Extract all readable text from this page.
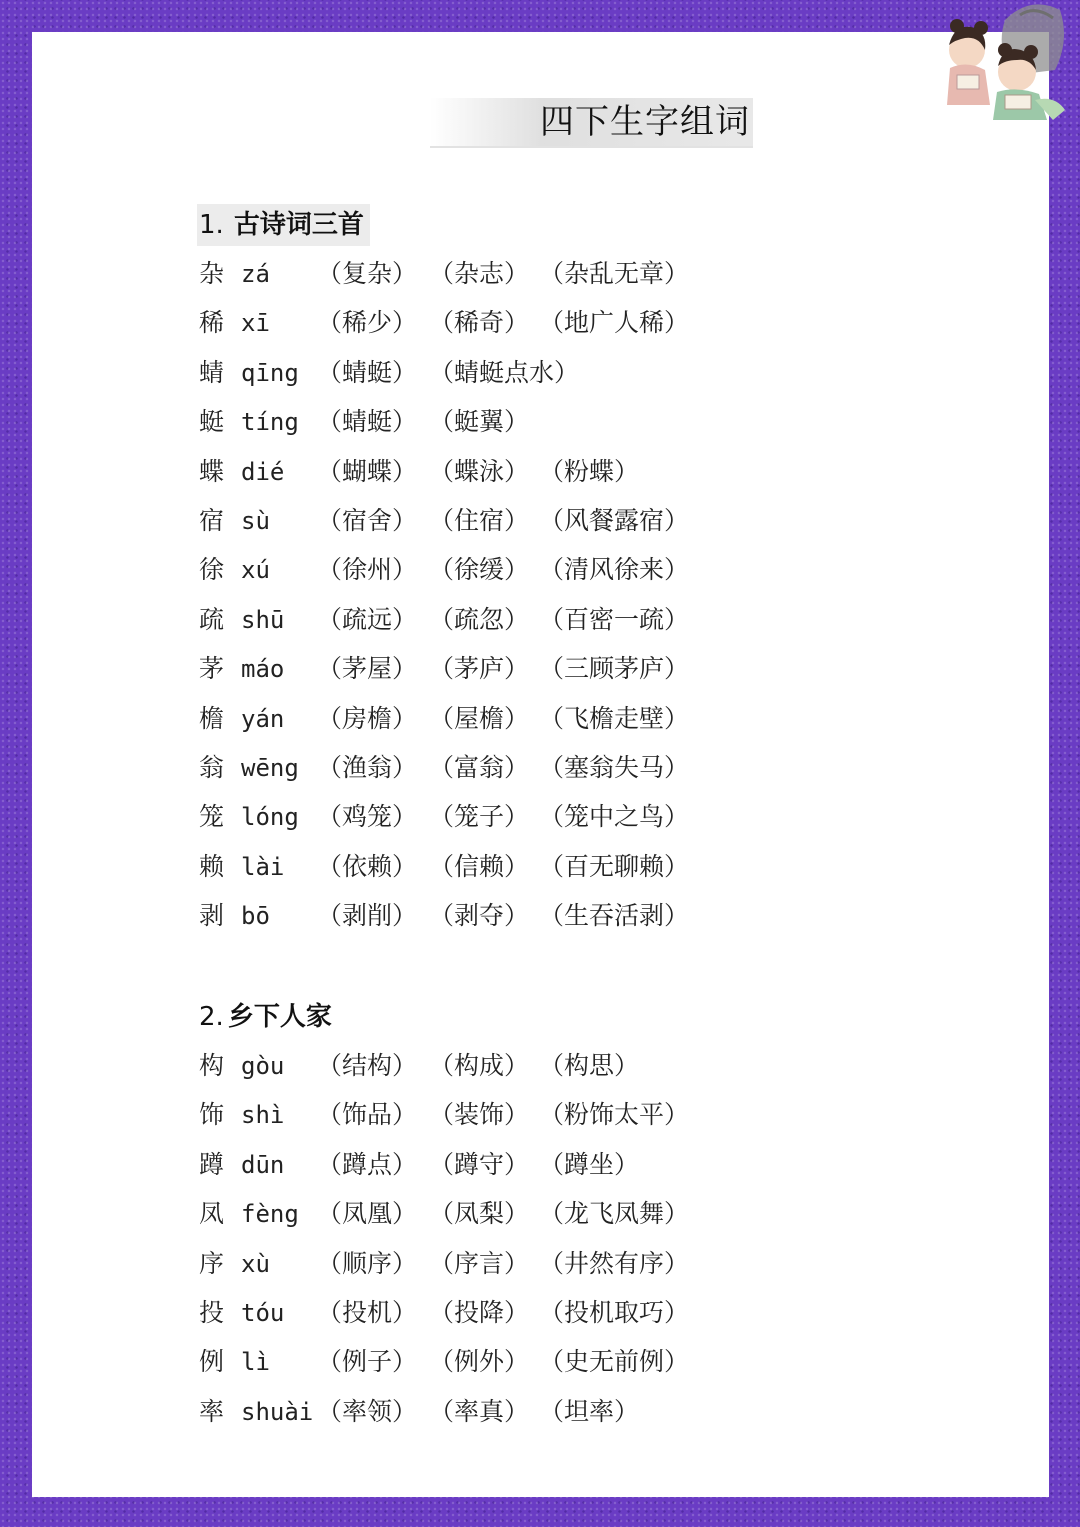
四下生字组词
1. 古诗词三首
2. 乡下人家
杂 zá （复杂） （杂志） （杂乱无章）
稀 xī （稀少） （稀奇） （地广人稀）
蜻 qīng （蜻蜓） （蜻蜓点水）
蜓 tíng （蜻蜓） （蜓翼）
蝶 dié （蝴蝶） （蝶泳） （粉蝶）
宿 sù （宿舍） （住宿） （风餐露宿）
徐 xú （徐州） （徐缓） （清风徐来）
疏 shū （疏远） （疏忽） （百密一疏）
茅 máo （茅屋） （茅庐） （三顾茅庐）
檐 yán （房檐） （屋檐） （飞檐走壁）
翁 wēng （渔翁） （富翁） （塞翁失马）
笼 lóng （鸡笼） （笼子） （笼中之鸟）
赖 lài （依赖） （信赖） （百无聊赖）
剥 bō （剥削） （剥夺） （生吞活剥）
构 gòu （结构） （构成） （构思）
饰 shì （饰品） （装饰） （粉饰太平）
蹲 dūn （蹲点） （蹲守） （蹲坐）
凤 fèng （凤凰） （凤梨） （龙飞凤舞）
序 xù （顺序） （序言） （井然有序）
投 tóu （投机） （投降） （投机取巧）
例 lì （例子） （例外） （史无前例）
率 shuài （率领） （率真） （坦率）
